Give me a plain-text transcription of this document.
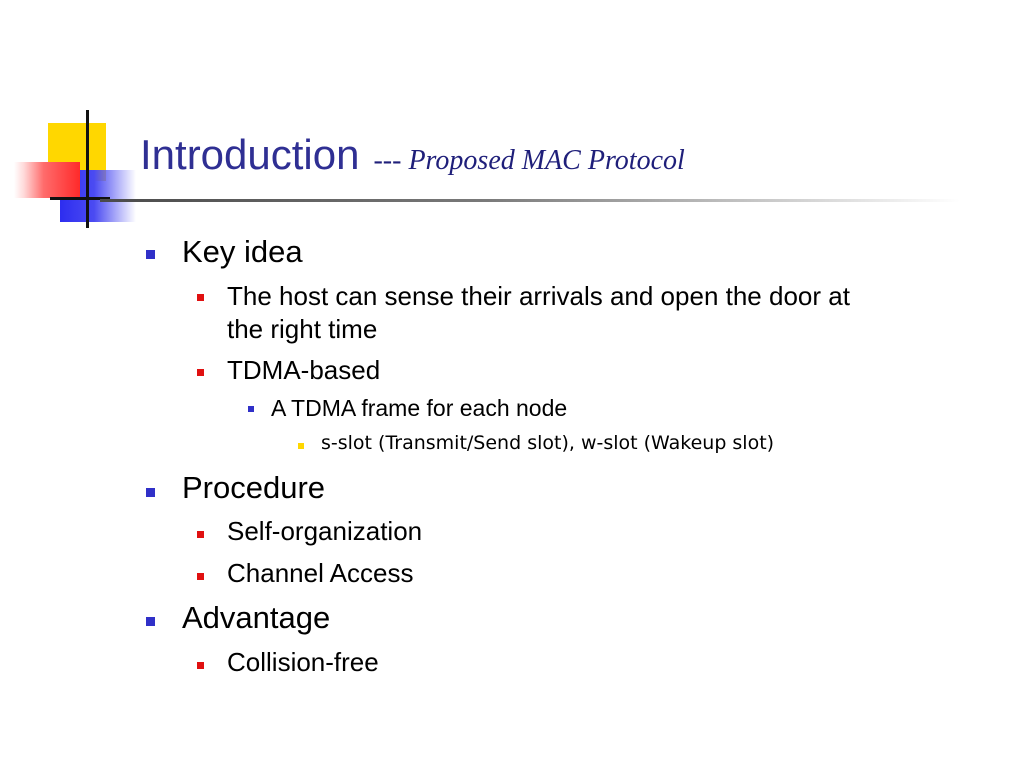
Introduction --- Proposed MAC Protocol
Key idea
The host can sense their arrivals and open the door at
the right time
TDMA-based
A TDMA frame for each node
s-slot (Transmit/Send slot), w-slot (Wakeup slot)
Procedure
Self-organization
Channel Access
Advantage
Collision-free
